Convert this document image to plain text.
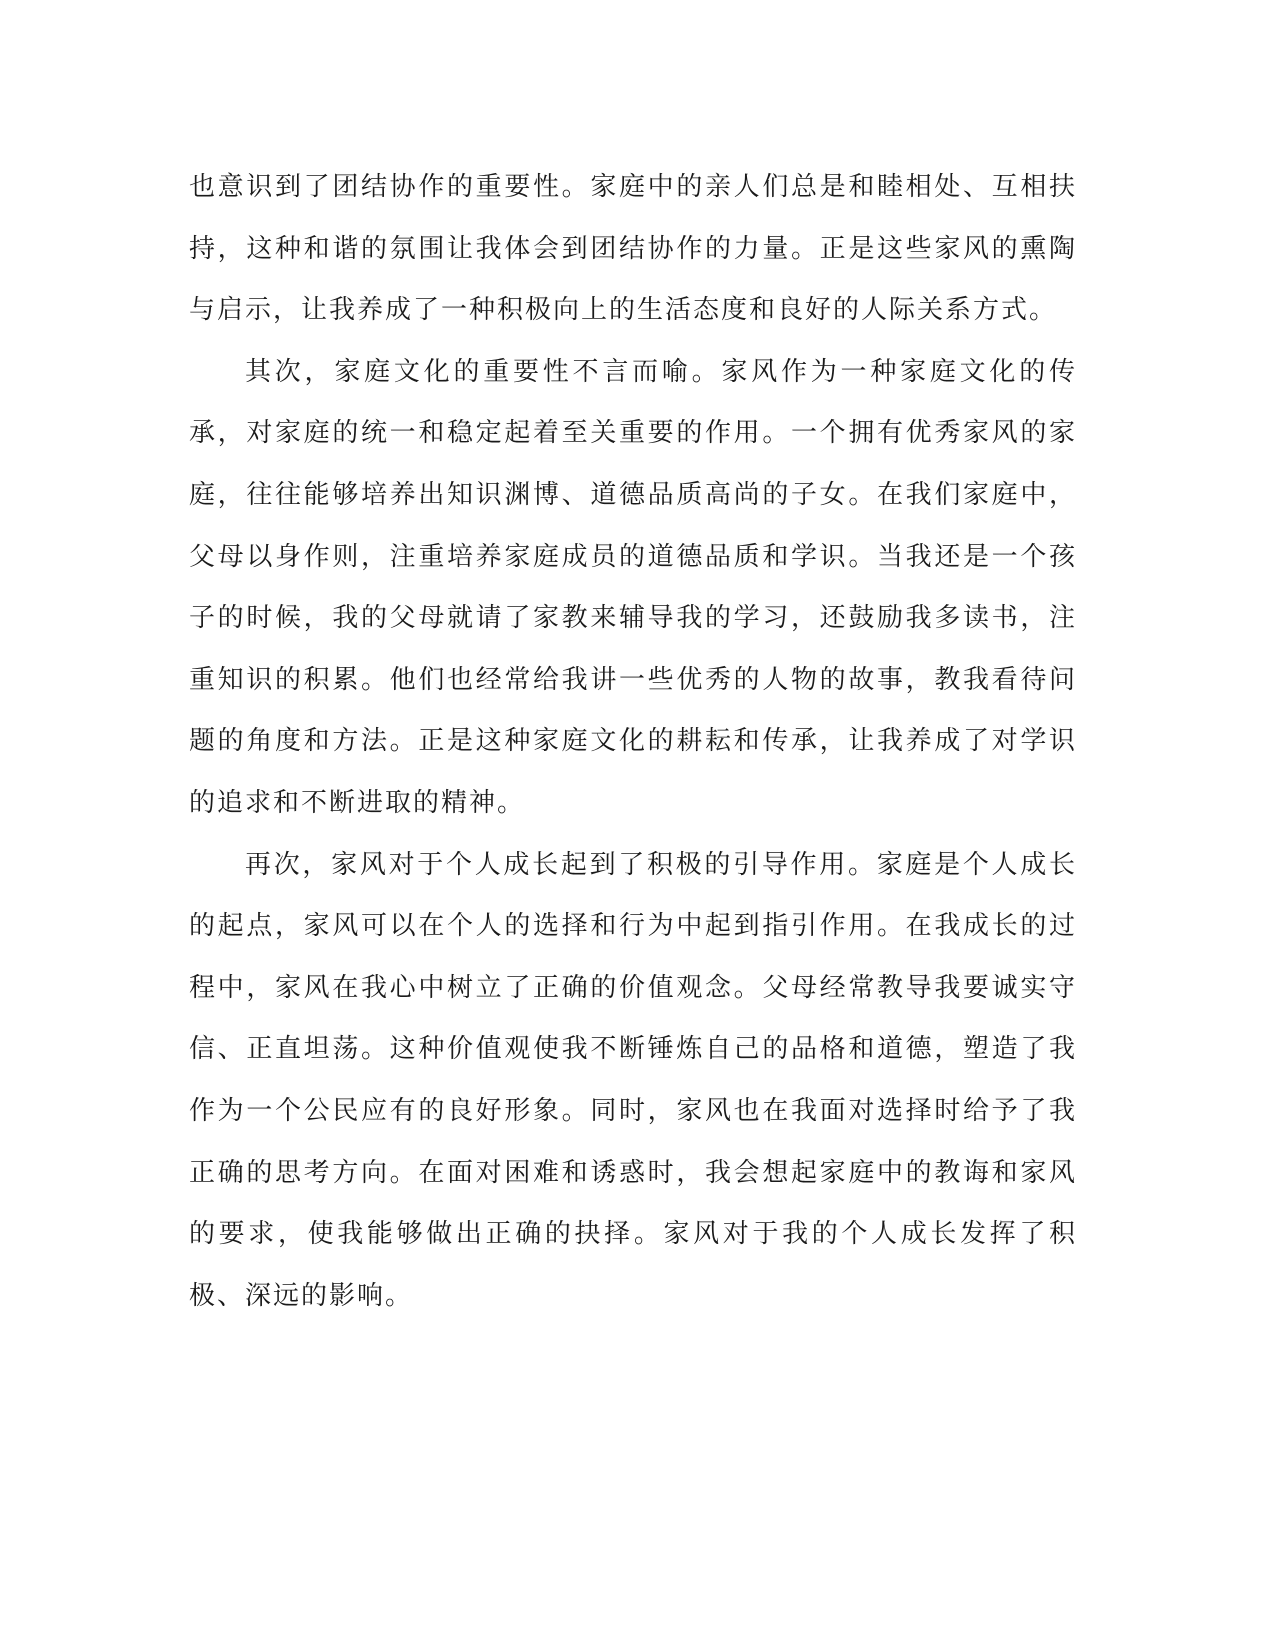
也意识到了团结协作的重要性。家庭中的亲人们总是和睦相处、互相扶持，这种和谐的氛围让我体会到团结协作的力量。正是这些家风的熏陶与启示，让我养成了一种积极向上的生活态度和良好的人际关系方式。

其次，家庭文化的重要性不言而喻。家风作为一种家庭文化的传承，对家庭的统一和稳定起着至关重要的作用。一个拥有优秀家风的家庭，往往能够培养出知识渊博、道德品质高尚的子女。在我们家庭中，父母以身作则，注重培养家庭成员的道德品质和学识。当我还是一个孩子的时候，我的父母就请了家教来辅导我的学习，还鼓励我多读书，注重知识的积累。他们也经常给我讲一些优秀的人物的故事，教我看待问题的角度和方法。正是这种家庭文化的耕耘和传承，让我养成了对学识的追求和不断进取的精神。

再次，家风对于个人成长起到了积极的引导作用。家庭是个人成长的起点，家风可以在个人的选择和行为中起到指引作用。在我成长的过程中，家风在我心中树立了正确的价值观念。父母经常教导我要诚实守信、正直坦荡。这种价值观使我不断锤炼自己的品格和道德，塑造了我作为一个公民应有的良好形象。同时，家风也在我面对选择时给予了我正确的思考方向。在面对困难和诱惑时，我会想起家庭中的教诲和家风的要求，使我能够做出正确的抉择。家风对于我的个人成长发挥了积极、深远的影响。
